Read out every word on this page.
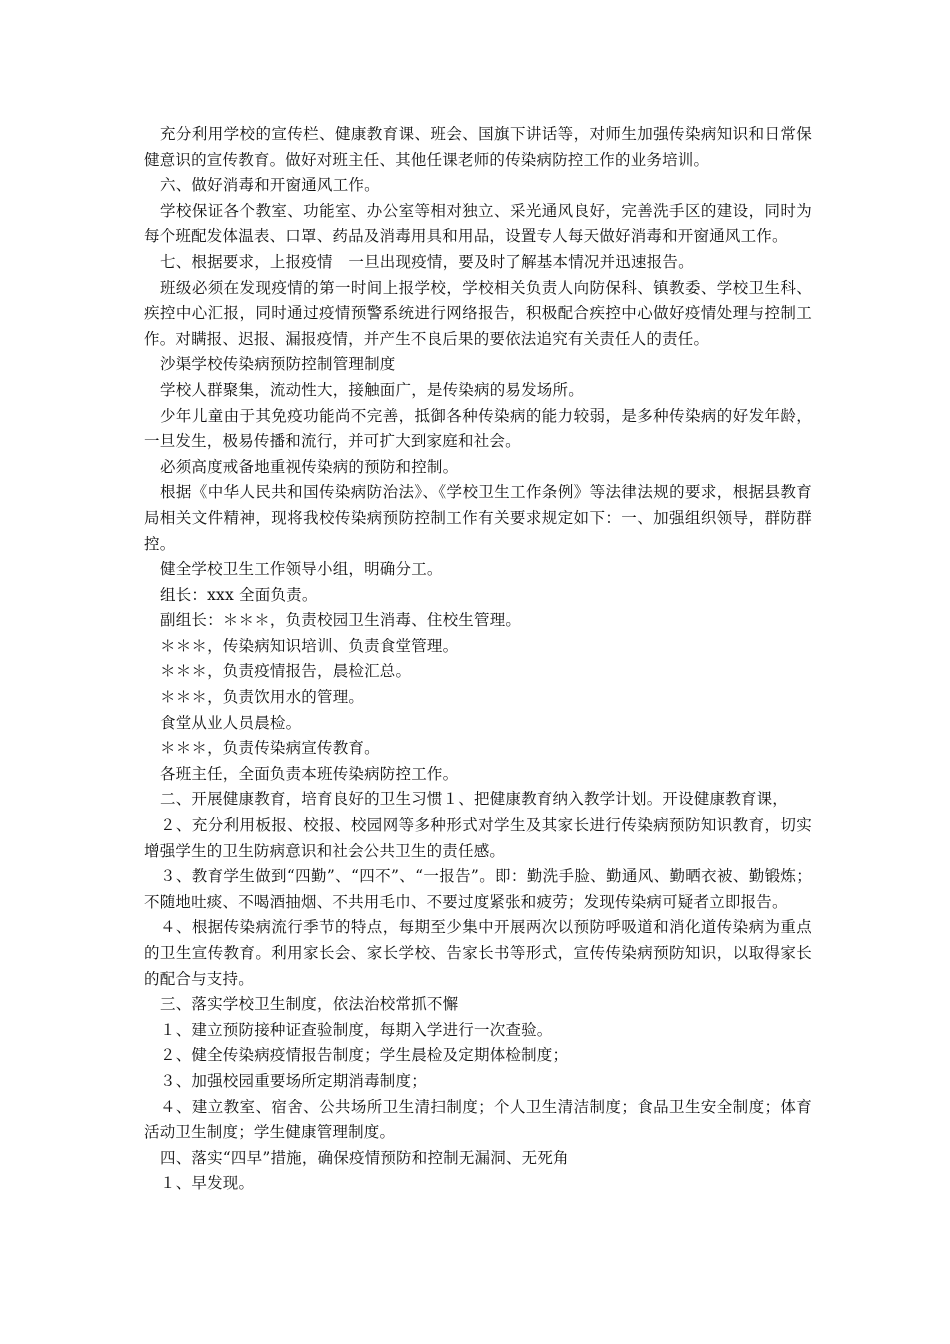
充分利用学校的宣传栏、健康教育课、班会、国旗下讲话等，对师生加强传染病知识和日常保健意识的宣传教育。做好对班主任、其他任课老师的传染病防控工作的业务培训。

六、做好消毒和开窗通风工作。

学校保证各个教室、功能室、办公室等相对独立、采光通风良好，完善洗手区的建设，同时为每个班配发体温表、口罩、药品及消毒用具和用品，设置专人每天做好消毒和开窗通风工作。

七、根据要求，上报疫情　一旦出现疫情，要及时了解基本情况并迅速报告。

班级必须在发现疫情的第一时间上报学校，学校相关负责人向防保科、镇教委、学校卫生科、疾控中心汇报，同时通过疫情预警系统进行网络报告，积极配合疾控中心做好疫情处理与控制工作。对瞒报、迟报、漏报疫情，并产生不良后果的要依法追究有关责任人的责任。

沙渠学校传染病预防控制管理制度

学校人群聚集，流动性大，接触面广，是传染病的易发场所。

少年儿童由于其免疫功能尚不完善，抵御各种传染病的能力较弱，是多种传染病的好发年龄，一旦发生，极易传播和流行，并可扩大到家庭和社会。

必须高度戒备地重视传染病的预防和控制。

根据《中华人民共和国传染病防治法》、《学校卫生工作条例》等法律法规的要求，根据县教育局相关文件精神，现将我校传染病预防控制工作有关要求规定如下：一、加强组织领导，群防群控。

健全学校卫生工作领导小组，明确分工。

组长：xxx 全面负责。

副组长：＊＊＊，负责校园卫生消毒、住校生管理。

＊＊＊，传染病知识培训、负责食堂管理。

＊＊＊，负责疫情报告，晨检汇总。

＊＊＊，负责饮用水的管理。

食堂从业人员晨检。

＊＊＊，负责传染病宣传教育。

各班主任，全面负责本班传染病防控工作。

二、开展健康教育，培育良好的卫生习惯１、把健康教育纳入教学计划。开设健康教育课，

２、充分利用板报、校报、校园网等多种形式对学生及其家长进行传染病预防知识教育，切实增强学生的卫生防病意识和社会公共卫生的责任感。

３、教育学生做到“四勤”、“四不”、“一报告”。即：勤洗手脸、勤通风、勤晒衣被、勤锻炼；不随地吐痰、不喝酒抽烟、不共用毛巾、不要过度紧张和疲劳；发现传染病可疑者立即报告。

４、根据传染病流行季节的特点，每期至少集中开展两次以预防呼吸道和消化道传染病为重点的卫生宣传教育。利用家长会、家长学校、告家长书等形式，宣传传染病预防知识，以取得家长的配合与支持。

三、落实学校卫生制度，依法治校常抓不懈

１、建立预防接种证查验制度，每期入学进行一次查验。

２、健全传染病疫情报告制度；学生晨检及定期体检制度；

３、加强校园重要场所定期消毒制度；

４、建立教室、宿舍、公共场所卫生清扫制度；个人卫生清洁制度；食品卫生安全制度；体育活动卫生制度；学生健康管理制度。

四、落实“四早”措施，确保疫情预防和控制无漏洞、无死角

１、早发现。
